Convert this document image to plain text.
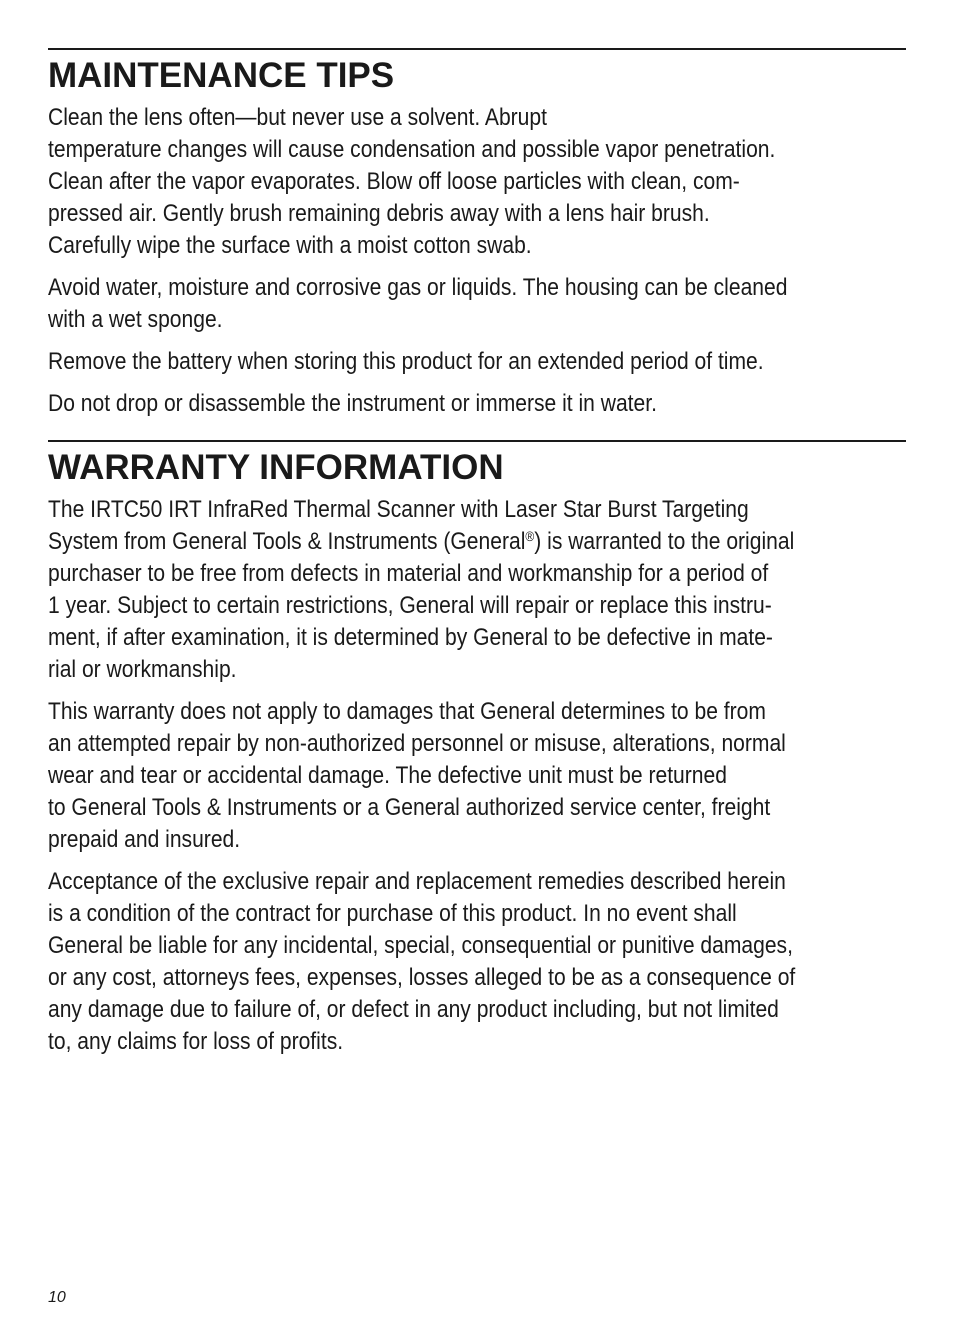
MAINTENANCE TIPS

Clean the lens often—but never use a solvent. Abrupt
temperature changes will cause condensation and possible vapor penetration.
Clean after the vapor evaporates. Blow off loose particles with clean, com-
pressed air. Gently brush remaining debris away with a lens hair brush.
Carefully wipe the surface with a moist cotton swab.

Avoid water, moisture and corrosive gas or liquids. The housing can be cleaned
with a wet sponge.

Remove the battery when storing this product for an extended period of time.

Do not drop or disassemble the instrument or immerse it in water.

WARRANTY INFORMATION

The IRTC50 IRT InfraRed Thermal Scanner with Laser Star Burst Targeting
System from General Tools & Instruments (General®) is warranted to the original
purchaser to be free from defects in material and workmanship for a period of
1 year. Subject to certain restrictions, General will repair or replace this instru-
ment, if after examination, it is determined by General to be defective in mate-
rial or workmanship.

This warranty does not apply to damages that General determines to be from
an attempted repair by non-authorized personnel or misuse, alterations, normal
wear and tear or accidental damage. The defective unit must be returned
to General Tools & Instruments or a General authorized service center, freight
prepaid and insured.

Acceptance of the exclusive repair and replacement remedies described herein
is a condition of the contract for purchase of this product. In no event shall
General be liable for any incidental, special, consequential or punitive damages,
or any cost, attorneys fees, expenses, losses alleged to be as a consequence of
any damage due to failure of, or defect in any product including, but not limited
to, any claims for loss of profits.

10
